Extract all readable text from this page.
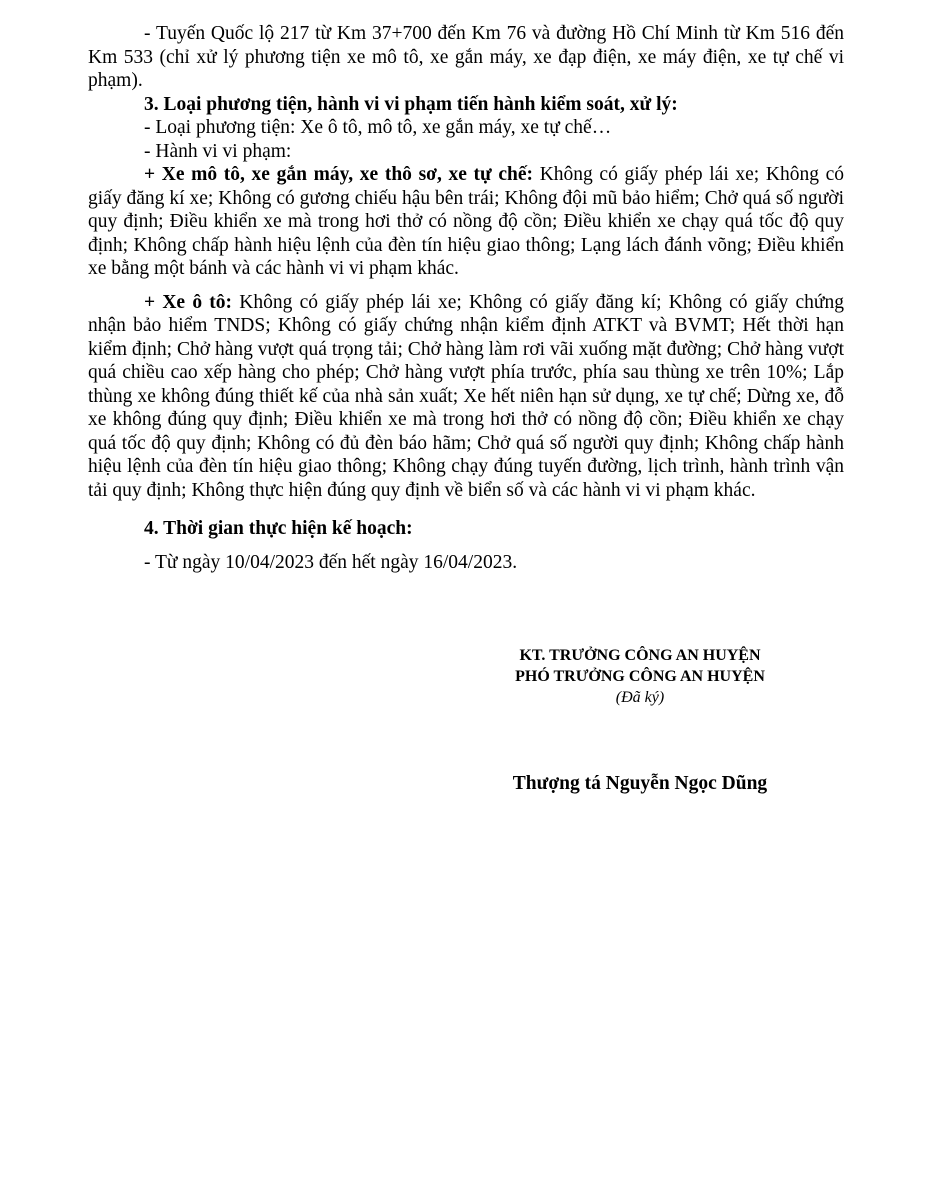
- Tuyến Quốc lộ 217 từ Km 37+700 đến Km 76 và đường Hồ Chí Minh từ Km 516 đến Km 533 (chỉ xử lý phương tiện xe mô tô, xe gắn máy, xe đạp điện, xe máy điện, xe tự chế vi phạm).

3. Loại phương tiện, hành vi vi phạm tiến hành kiểm soát, xử lý:

- Loại phương tiện: Xe ô tô, mô tô, xe gắn máy, xe tự chế…

- Hành vi vi phạm:

+ Xe mô tô, xe gắn máy, xe thô sơ, xe tự chế: Không có giấy phép lái xe; Không có giấy đăng kí xe; Không có gương chiếu hậu bên trái; Không đội mũ bảo hiểm; Chở quá số người quy định; Điều khiển xe mà trong hơi thở có nồng độ cồn; Điều khiển xe chạy quá tốc độ quy định; Không chấp hành hiệu lệnh của đèn tín hiệu giao thông; Lạng lách đánh võng; Điều khiển xe bằng một bánh và các hành vi vi phạm khác.

+ Xe ô tô: Không có giấy phép lái xe; Không có giấy đăng kí; Không có giấy chứng nhận bảo hiểm TNDS; Không có giấy chứng nhận kiểm định ATKT và BVMT; Hết thời hạn kiểm định; Chở hàng vượt quá trọng tải; Chở hàng làm rơi vãi xuống mặt đường; Chở hàng vượt quá chiều cao xếp hàng cho phép; Chở hàng vượt phía trước, phía sau thùng xe trên 10%; Lắp thùng xe không đúng thiết kế của nhà sản xuất; Xe hết niên hạn sử dụng, xe tự chế; Dừng xe, đỗ xe không đúng quy định; Điều khiển xe mà trong hơi thở có nồng độ cồn; Điều khiển xe chạy quá tốc độ quy định; Không có đủ đèn báo hãm; Chở quá số người quy định; Không chấp hành hiệu lệnh của đèn tín hiệu giao thông; Không chạy đúng tuyến đường, lịch trình, hành trình vận tải quy định; Không thực hiện đúng quy định về biển số và các hành vi vi phạm khác.

4. Thời gian thực hiện kế hoạch:

- Từ ngày 10/04/2023 đến hết ngày 16/04/2023.

KT. TRƯỞNG CÔNG AN HUYỆN
PHÓ TRƯỞNG CÔNG AN HUYỆN
(Đã ký)
Thượng tá Nguyễn Ngọc Dũng
